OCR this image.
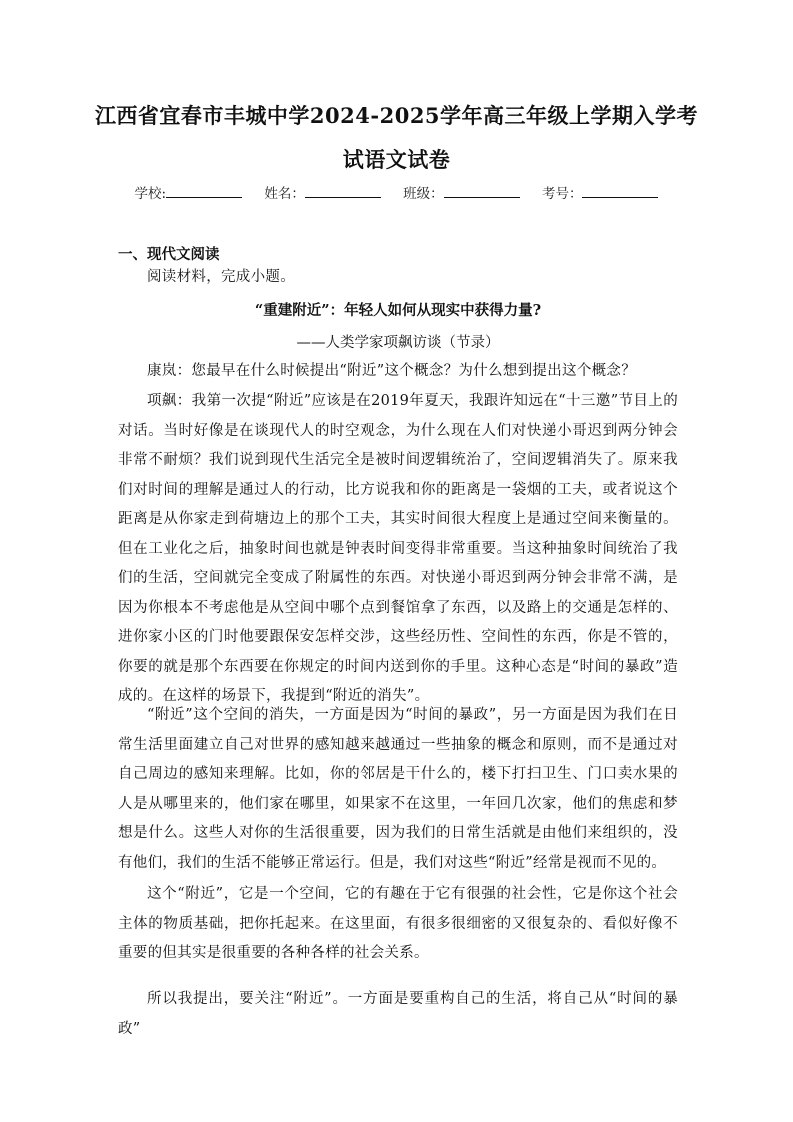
江西省宜春市丰城中学2024-2025学年高三年级上学期入学考
试语文试卷
学校:	姓名：	班级：	考号：
一、现代文阅读
阅读材料，完成小题。
“重建附近”：年轻人如何从现实中获得力量?
——人类学家项飙访谈（节录）
康岚：您最早在什么时候提出“附近”这个概念？为什么想到提出这个概念？
项飙：我第一次提“附近”应该是在2019年夏天，我跟许知远在“十三邀”节目上的对话。当时好像是在谈现代人的时空观念，为什么现在人们对快递小哥迟到两分钟会非常不耐烦？我们说到现代生活完全是被时间逻辑统治了，空间逻辑消失了。原来我们对时间的理解是通过人的行动，比方说我和你的距离是一袋烟的工夫，或者说这个距离是从你家走到荷塘边上的那个工夫，其实时间很大程度上是通过空间来衡量的。但在工业化之后，抽象时间也就是钟表时间变得非常重要。当这种抽象时间统治了我们的生活，空间就完全变成了附属性的东西。对快递小哥迟到两分钟会非常不满，是因为你根本不考虑他是从空间中哪个点到餐馆拿了东西，以及路上的交通是怎样的、进你家小区的门时他要跟保安怎样交涉，这些经历性、空间性的东西，你是不管的，你要的就是那个东西要在你规定的时间内送到你的手里。这种心态是“时间的暴政”造成的。在这样的场景下，我提到“附近的消失”。
“附近”这个空间的消失，一方面是因为“时间的暴政”，另一方面是因为我们在日常生活里面建立自己对世界的感知越来越通过一些抽象的概念和原则，而不是通过对自己周边的感知来理解。比如，你的邻居是干什么的，楼下打扫卫生、门口卖水果的人是从哪里来的，他们家在哪里，如果家不在这里，一年回几次家，他们的焦虑和梦想是什么。这些人对你的生活很重要，因为我们的日常生活就是由他们来组织的，没有他们，我们的生活不能够正常运行。但是，我们对这些“附近”经常是视而不见的。
这个“附近”，它是一个空间，它的有趣在于它有很强的社会性，它是你这个社会主体的物质基础，把你托起来。在这里面，有很多很细密的又很复杂的、看似好像不重要的但其实是很重要的各种各样的社会关系。
所以我提出，要关注“附近”。一方面是要重构自己的生活，将自己从“时间的暴政”
